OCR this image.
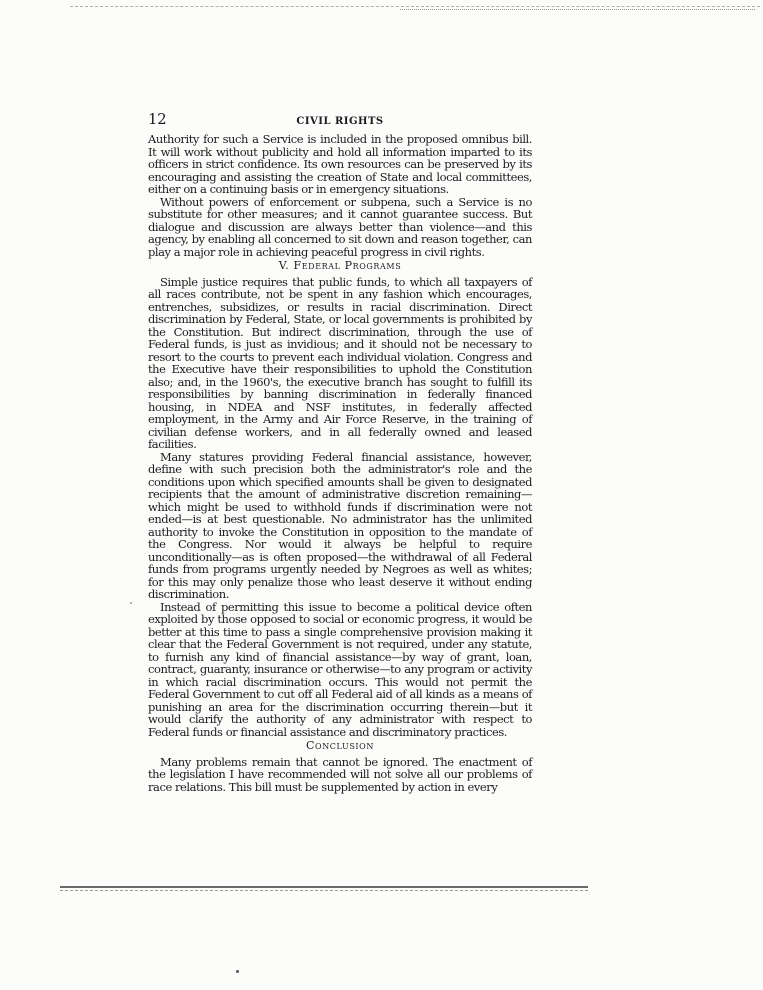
12	CIVIL RIGHTS

Authority for such a Service is included in the proposed omnibus bill. It will work without publicity and hold all information imparted to its officers in strict confidence. Its own resources can be preserved by its encouraging and assisting the creation of State and local committees, either on a continuing basis or in emergency situations.

Without powers of enforcement or subpena, such a Service is no substitute for other measures; and it cannot guarantee success. But dialogue and discussion are always better than violence—and this agency, by enabling all concerned to sit down and reason together, can play a major role in achieving peaceful progress in civil rights.

V. Federal Programs

Simple justice requires that public funds, to which all taxpayers of all races contribute, not be spent in any fashion which encourages, entrenches, subsidizes, or results in racial discrimination. Direct discrimination by Federal, State, or local governments is prohibited by the Constitution. But indirect discrimination, through the use of Federal funds, is just as invidious; and it should not be necessary to resort to the courts to prevent each individual violation. Congress and the Executive have their responsibilities to uphold the Constitution also; and, in the 1960's, the executive branch has sought to fulfill its responsibilities by banning discrimination in federally financed housing, in NDEA and NSF institutes, in federally affected employment, in the Army and Air Force Reserve, in the training of civilian defense workers, and in all federally owned and leased facilities.

Many statures providing Federal financial assistance, however, define with such precision both the administrator's role and the conditions upon which specified amounts shall be given to designated recipients that the amount of administrative discretion remaining—which might be used to withhold funds if discrimination were not ended—is at best questionable. No administrator has the unlimited authority to invoke the Constitution in opposition to the mandate of the Congress. Nor would it always be helpful to require unconditionally—as is often proposed—the withdrawal of all Federal funds from programs urgently needed by Negroes as well as whites; for this may only penalize those who least deserve it without ending discrimination.

Instead of permitting this issue to become a political device often exploited by those opposed to social or economic progress, it would be better at this time to pass a single comprehensive provision making it clear that the Federal Government is not required, under any statute, to furnish any kind of financial assistance—by way of grant, loan, contract, guaranty, insurance or otherwise—to any program or activity in which racial discrimination occurs. This would not permit the Federal Government to cut off all Federal aid of all kinds as a means of punishing an area for the discrimination occurring therein—but it would clarify the authority of any administrator with respect to Federal funds or financial assistance and discriminatory practices.

Conclusion

Many problems remain that cannot be ignored. The enactment of the legislation I have recommended will not solve all our problems of race relations. This bill must be supplemented by action in every
